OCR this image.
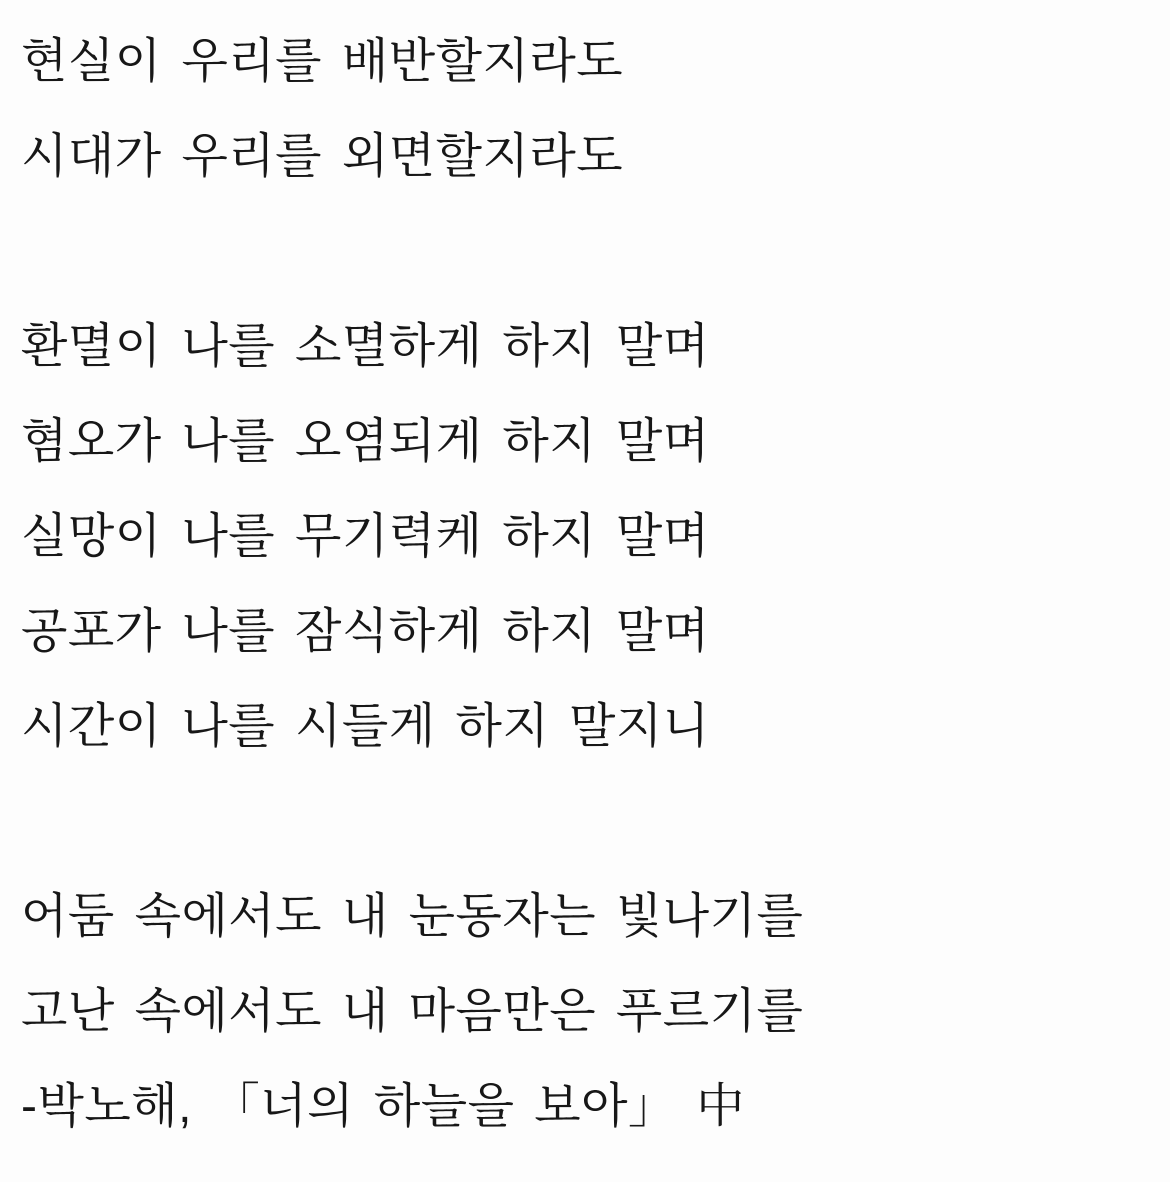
현실이 우리를 배반할지라도

시대가 우리를 외면할지라도

환멸이 나를 소멸하게 하지 말며

혐오가 나를 오염되게 하지 말며

실망이 나를 무기력케 하지 말며

공포가 나를 잠식하게 하지 말며

시간이 나를 시들게 하지 말지니

어둠 속에서도 내 눈동자는 빛나기를

고난 속에서도 내 마음만은 푸르기를

-박노해, 「너의 하늘을 보아」 中
